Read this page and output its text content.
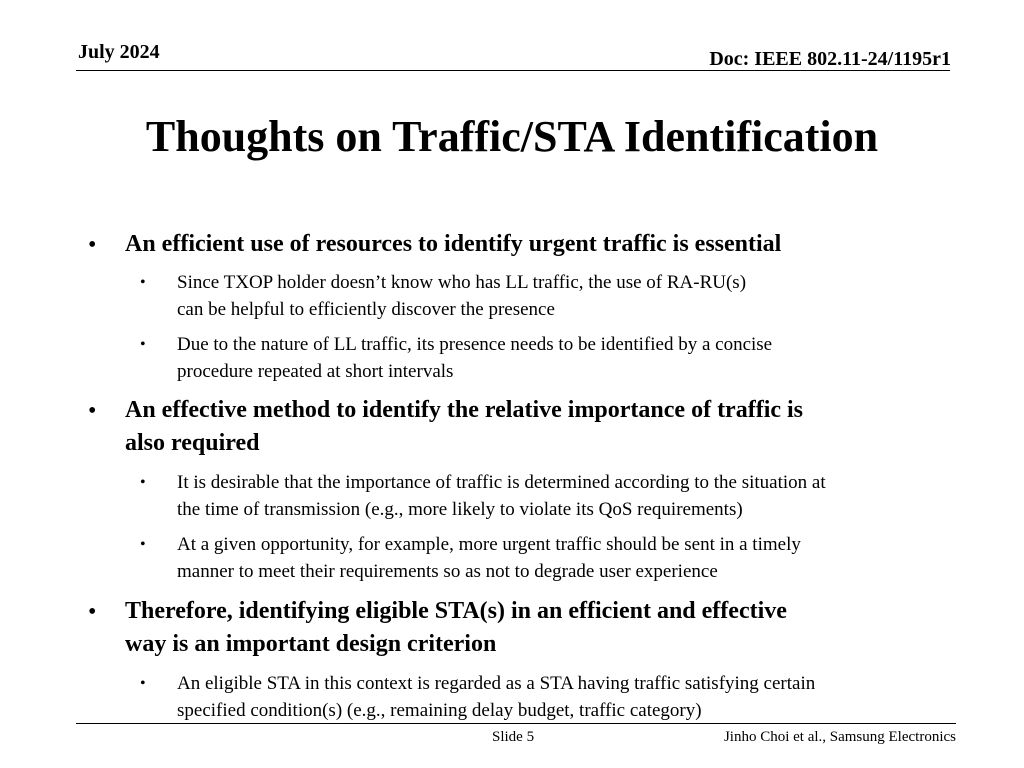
July 2024	Doc: IEEE 802.11-24/1195r1
Thoughts on Traffic/STA Identification
• An efficient use of resources to identify urgent traffic is essential
• Since TXOP holder doesn’t know who has LL traffic, the use of RA-RU(s)
can be helpful to efficiently discover the presence
• Due to the nature of LL traffic, its presence needs to be identified by a concise
procedure repeated at short intervals
• An effective method to identify the relative importance of traffic is
also required
• It is desirable that the importance of traffic is determined according to the situation at
the time of transmission (e.g., more likely to violate its QoS requirements)
• At a given opportunity, for example, more urgent traffic should be sent in a timely
manner to meet their requirements so as not to degrade user experience
• Therefore, identifying eligible STA(s) in an efficient and effective
way is an important design criterion
• An eligible STA in this context is regarded as a STA having traffic satisfying certain
specified condition(s) (e.g., remaining delay budget, traffic category)
Slide 5	Jinho Choi et al., Samsung Electronics
